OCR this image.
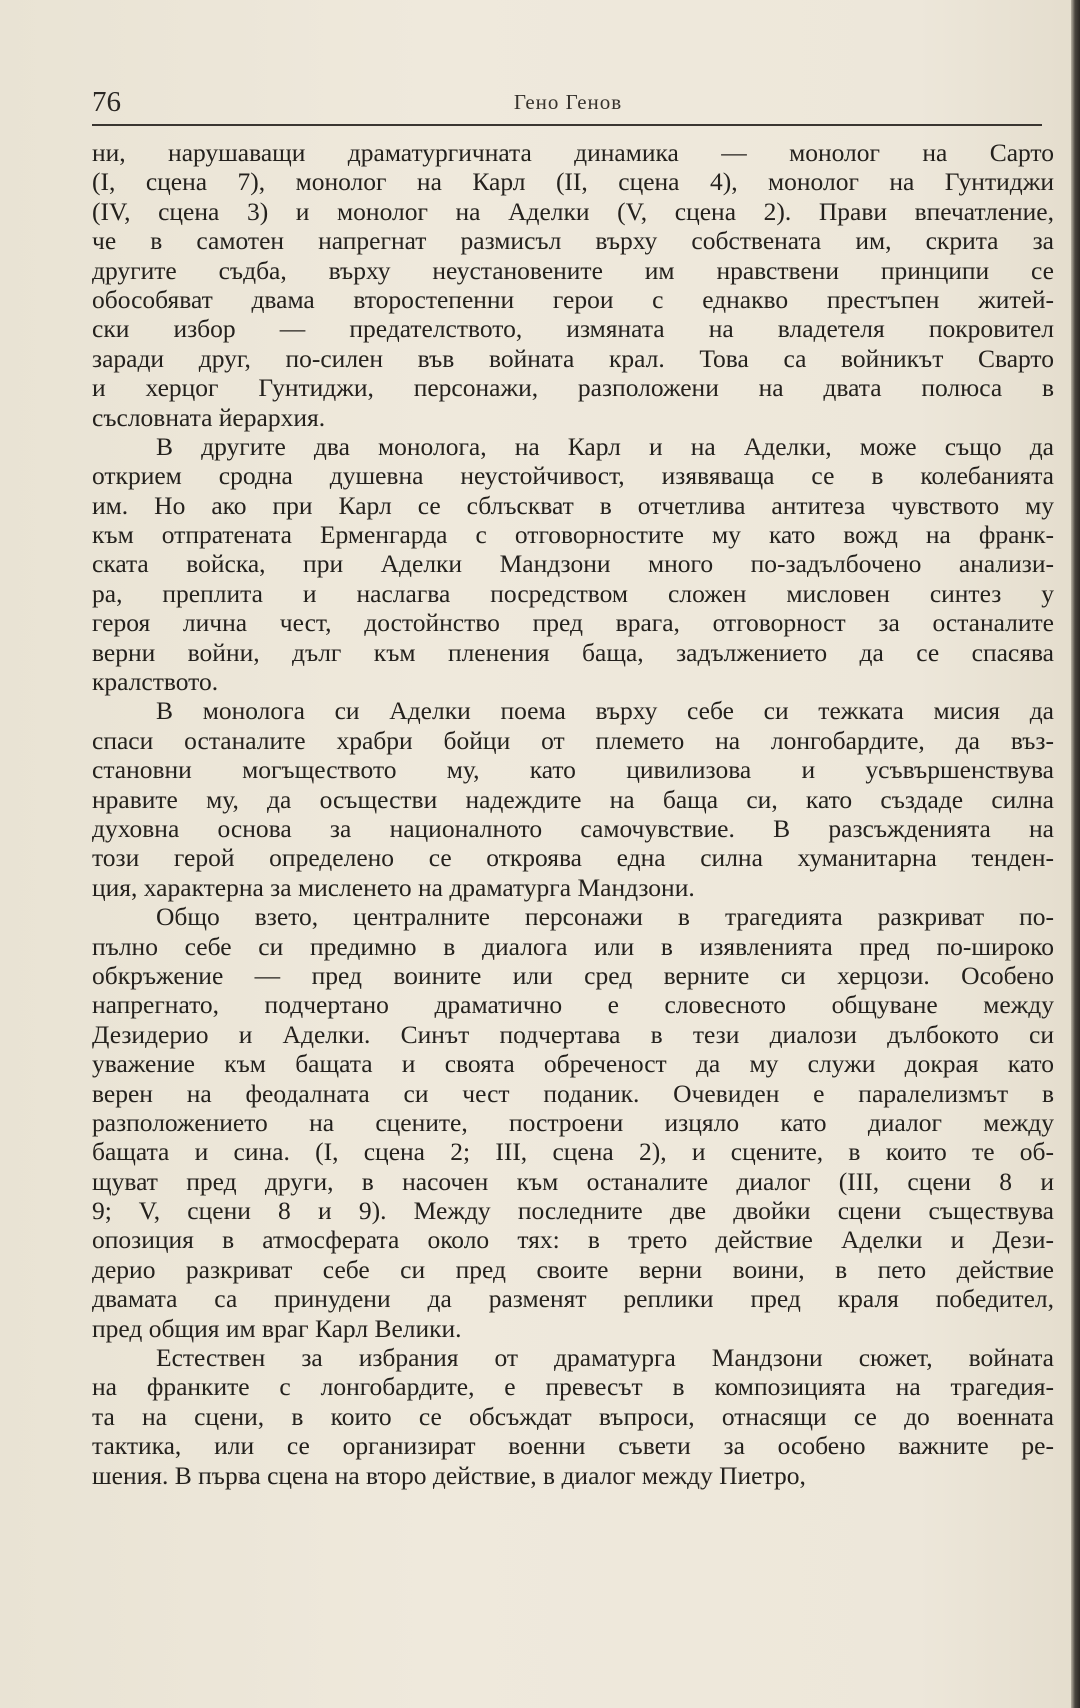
76	Гено Генов
ни, нарушаващи драматургичната динамика — монолог на Сарто
(I, сцена 7), монолог на Карл (II, сцена 4), монолог на Гунтиджи
(IV, сцена 3) и монолог на Аделки (V, сцена 2). Прави впечатление,
че в самотен напрегнат размисъл върху собствената им, скрита за
другите съдба, върху неустановените им нравствени принципи се
обособяват двама второстепенни герои с еднакво престъпен житей-
ски избор — предателството, измяната на владетеля покровител
заради друг, по-силен във войната крал. Това са войникът Сварто
и херцог Гунтиджи, персонажи, разположени на двата полюса в
съсловната йерархия.
В другите два монолога, на Карл и на Аделки, може също да
открием сродна душевна неустойчивост, изявяваща се в колебанията
им. Но ако при Карл се сблъскват в отчетлива антитеза чувството му
към отпратената Ерменгарда с отговорностите му като вожд на франк-
ската войска, при Аделки Мандзони много по-задълбочено анализи-
ра, преплита и наслагва посредством сложен мисловен синтез у
героя лична чест, достойнство пред врага, отговорност за останалите
верни войни, дълг към пленения баща, задължението да се спасява
кралството.
В монолога си Аделки поема върху себе си тежката мисия да
спаси останалите храбри бойци от племето на лонгобардите, да въз-
становни могъществото му, като цивилизова и усъвършенствува
нравите му, да осъществи надеждите на баща си, като създаде силна
духовна основа за националното самочувствие. В разсъжденията на
този герой определено се откроява една силна хуманитарна тенден-
ция, характерна за мисленето на драматурга Мандзони.
Общо взето, централните персонажи в трагедията разкриват по-
пълно себе си предимно в диалога или в изявленията пред по-широко
обкръжение — пред воините или сред верните си херцози. Особено
напрегнато, подчертано драматично е словесното общуване между
Дезидерио и Аделки. Синът подчертава в тези диалози дълбокото си
уважение към бащата и своята обреченост да му служи докрая като
верен на феодалната си чест поданик. Очевиден е паралелизмът в
разположението на сцените, построени изцяло като диалог между
бащата и сина. (I, сцена 2; III, сцена 2), и сцените, в които те об-
щуват пред други, в насочен към останалите диалог (III, сцени 8 и
9; V, сцени 8 и 9). Между последните две двойки сцени съществува
опозиция в атмосферата около тях: в трето действие Аделки и Дези-
дерио разкриват себе си пред своите верни воини, в пето действие
двамата са принудени да разменят реплики пред краля победител,
пред общия им враг Карл Велики.
Естествен за избрания от драматурга Мандзони сюжет, войната
на франките с лонгобардите, е превесът в композицията на трагедия-
та на сцени, в които се обсъждат въпроси, отнасящи се до военната
тактика, или се организират военни съвети за особено важните ре-
шения. В първа сцена на второ действие, в диалог между Пиетро,
